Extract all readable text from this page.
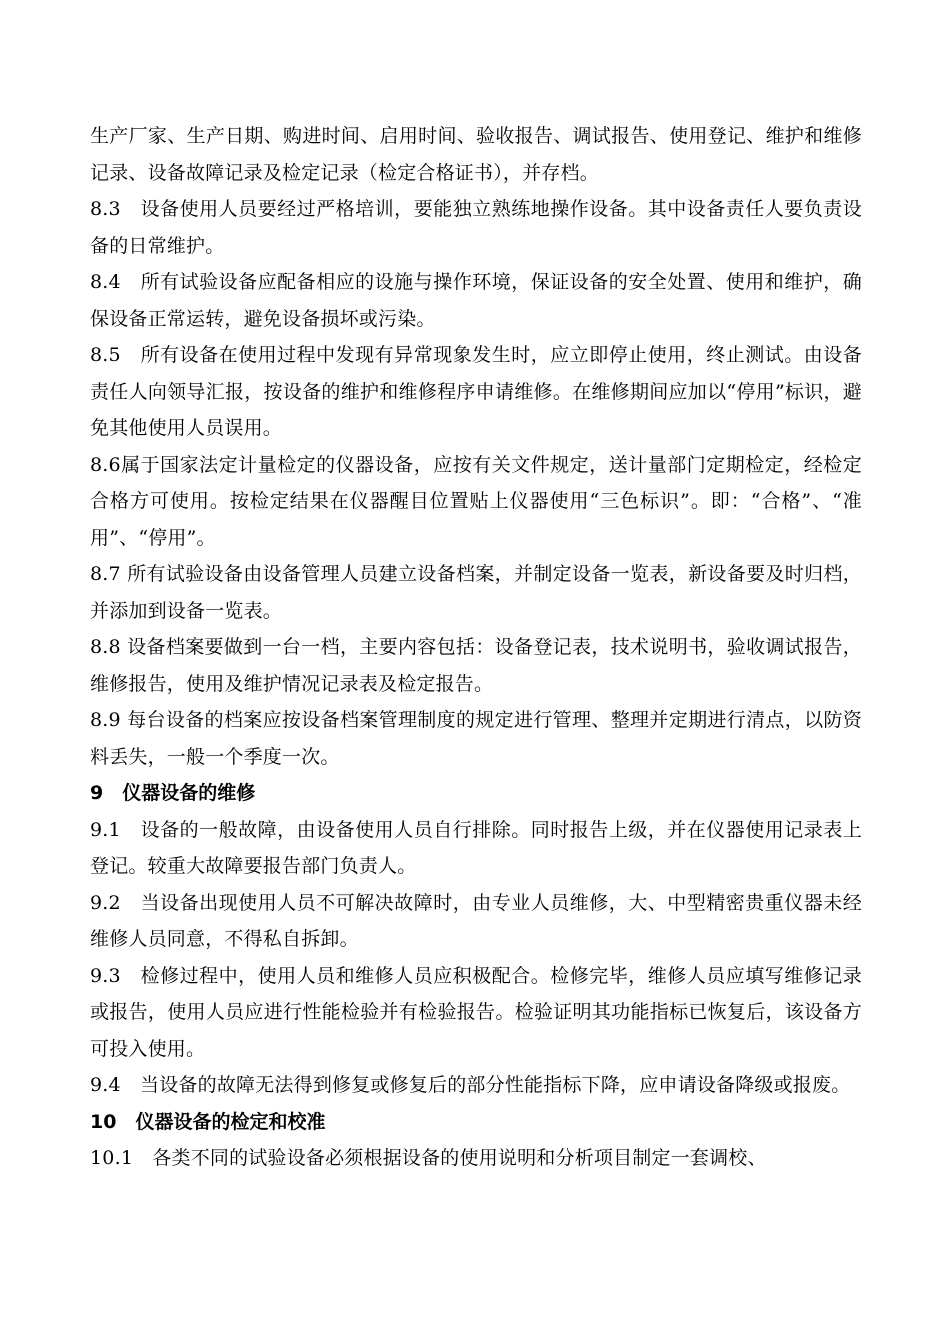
生产厂家、生产日期、购进时间、启用时间、验收报告、调试报告、使用登记、维护和维修记录、设备故障记录及检定记录（检定合格证书），并存档。

8.3　设备使用人员要经过严格培训，要能独立熟练地操作设备。其中设备责任人要负责设备的日常维护。

8.4　所有试验设备应配备相应的设施与操作环境，保证设备的安全处置、使用和维护，确保设备正常运转，避免设备损坏或污染。

8.5　所有设备在使用过程中发现有异常现象发生时，应立即停止使用，终止测试。由设备责任人向领导汇报，按设备的维护和维修程序申请维修。在维修期间应加以“停用”标识，避免其他使用人员误用。

8.6属于国家法定计量检定的仪器设备，应按有关文件规定，送计量部门定期检定，经检定合格方可使用。按检定结果在仪器醒目位置贴上仪器使用“三色标识”。即：“合格”、“准用”、“停用”。

8.7 所有试验设备由设备管理人员建立设备档案，并制定设备一览表，新设备要及时归档，并添加到设备一览表。

8.8 设备档案要做到一台一档，主要内容包括：设备登记表，技术说明书，验收调试报告，维修报告，使用及维护情况记录表及检定报告。

8.9 每台设备的档案应按设备档案管理制度的规定进行管理、整理并定期进行清点，以防资料丢失，一般一个季度一次。

9　仪器设备的维修

9.1　设备的一般故障，由设备使用人员自行排除。同时报告上级，并在仪器使用记录表上登记。较重大故障要报告部门负责人。

9.2　当设备出现使用人员不可解决故障时，由专业人员维修，大、中型精密贵重仪器未经维修人员同意，不得私自拆卸。

9.3　检修过程中，使用人员和维修人员应积极配合。检修完毕，维修人员应填写维修记录或报告，使用人员应进行性能检验并有检验报告。检验证明其功能指标已恢复后，该设备方可投入使用。

9.4　当设备的故障无法得到修复或修复后的部分性能指标下降，应申请设备降级或报废。

10　仪器设备的检定和校准

10.1　各类不同的试验设备必须根据设备的使用说明和分析项目制定一套调校、
